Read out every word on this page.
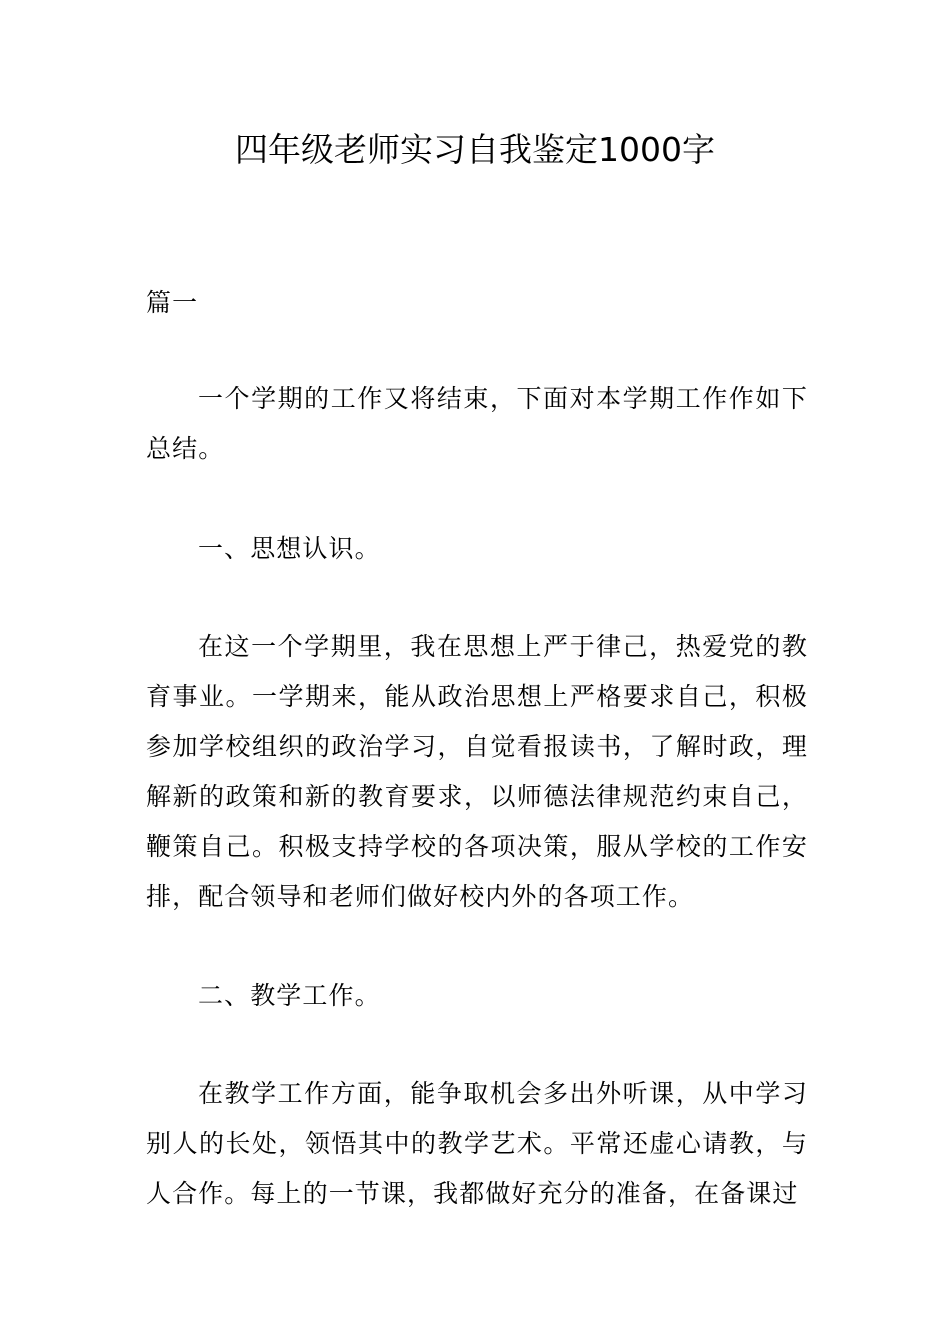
四年级老师实习自我鉴定1000字

篇一

一个学期的工作又将结束，下面对本学期工作作如下总结。

一、思想认识。

在这一个学期里，我在思想上严于律己，热爱党的教育事业。一学期来，能从政治思想上严格要求自己，积极参加学校组织的政治学习，自觉看报读书，了解时政，理解新的政策和新的教育要求，以师德法律规范约束自己，鞭策自己。积极支持学校的各项决策，服从学校的工作安排，配合领导和老师们做好校内外的各项工作。

二、教学工作。

在教学工作方面，能争取机会多出外听课，从中学习别人的长处，领悟其中的教学艺术。平常还虚心请教，与人合作。每上的一节课，我都做好充分的准备，在备课过
